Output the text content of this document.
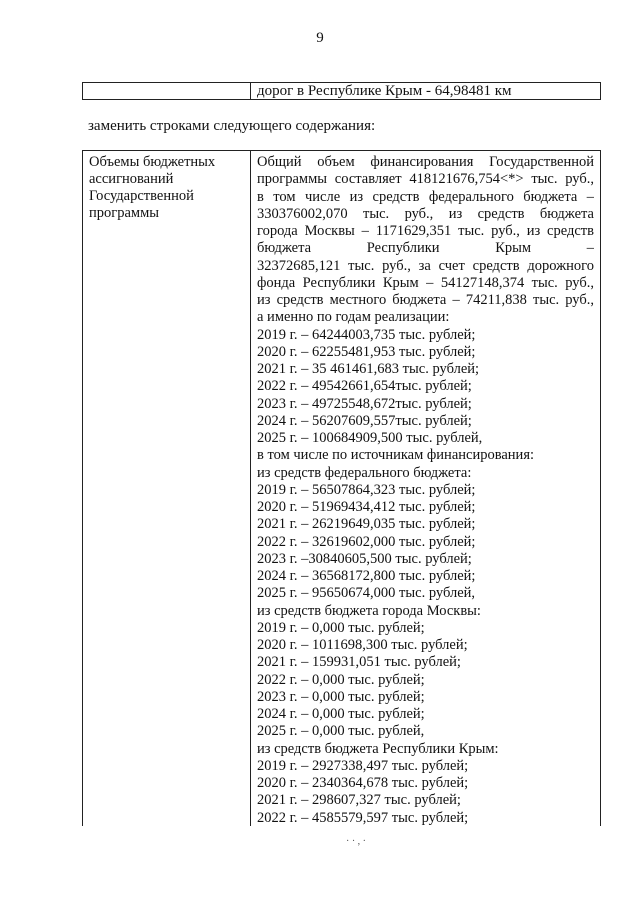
9
дорог в Республике Крым - 64,98481 км
заменить строками следующего содержания:
Объемы бюджетных
ассигнований
Государственной
программы
Общий объем финансирования Государственной
программы составляет 418121676,754<*> тыс. руб.,
в том числе из средств федерального бюджета –
330376002,070 тыс. руб., из средств бюджета
города Москвы – 1171629,351 тыс. руб., из средств
бюджета Республики Крым –
32372685,121 тыс. руб., за счет средств дорожного
фонда Республики Крым – 54127148,374 тыс. руб.,
из средств местного бюджета – 74211,838 тыс. руб.,
а именно по годам реализации:
2019 г. – 64244003,735 тыс. рублей;
2020 г. – 62255481,953 тыс. рублей;
2021 г. – 35 461461,683 тыс. рублей;
2022 г. – 49542661,654тыс. рублей;
2023 г. – 49725548,672тыс. рублей;
2024 г. – 56207609,557тыс. рублей;
2025 г. – 100684909,500 тыс. рублей,
в том числе по источникам финансирования:
из средств федерального бюджета:
2019 г. – 56507864,323 тыс. рублей;
2020 г. – 51969434,412 тыс. рублей;
2021 г. – 26219649,035 тыс. рублей;
2022 г. – 32619602,000 тыс. рублей;
2023 г. –30840605,500 тыс. рублей;
2024 г. – 36568172,800 тыс. рублей;
2025 г. – 95650674,000 тыс. рублей,
из средств бюджета города Москвы:
2019 г. – 0,000 тыс. рублей;
2020 г. – 1011698,300 тыс. рублей;
2021 г. – 159931,051 тыс. рублей;
2022 г. – 0,000 тыс. рублей;
2023 г. – 0,000 тыс. рублей;
2024 г. – 0,000 тыс. рублей;
2025 г. – 0,000 тыс. рублей,
из средств бюджета Республики Крым:
2019 г. – 2927338,497 тыс. рублей;
2020 г. – 2340364,678 тыс. рублей;
2021 г. – 298607,327 тыс. рублей;
2022 г. – 4585579,597 тыс. рублей;
· · , ·
